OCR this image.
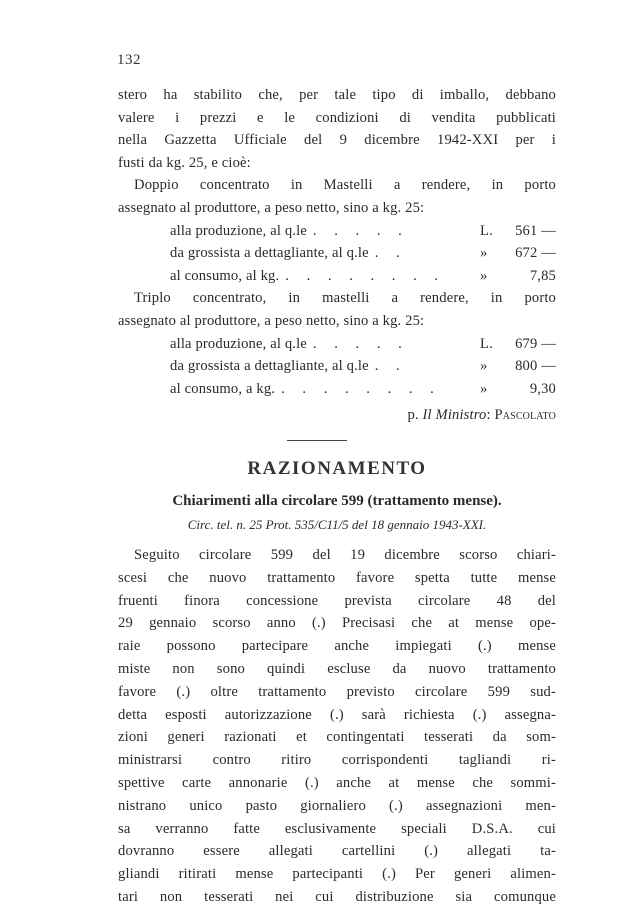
132
stero ha stabilito che, per tale tipo di imballo, debbano
valere i prezzi e le condizioni di vendita pubblicati
nella Gazzetta Ufficiale del 9 dicembre 1942-XXI per i
fusti da kg. 25, e cioè:
Doppio concentrato in Mastelli a rendere, in porto
assegnato al produttore, a peso netto, sino a kg. 25:
alla produzione, al q.le . . . . .	L.	561 —
da grossista a dettagliante, al q.le . .	»	672 —
al consumo, al kg. . . . . . . . .	»	7,85
Triplo concentrato, in mastelli a rendere, in porto
assegnato al produttore, a peso netto, sino a kg. 25:
alla produzione, al q.le . . . . .	L.	679 —
da grossista a dettagliante, al q.le . .	»	800 —
al consumo, a kg. . . . . . . . .	»	9,30
p. Il Ministro: Pascolato
RAZIONAMENTO
Chiarimenti alla circolare 599 (trattamento mense).
Circ. tel. n. 25 Prot. 535/C11/5 del 18 gennaio 1943-XXI.
Seguito circolare 599 del 19 dicembre scorso chiari-
scesi che nuovo trattamento favore spetta tutte mense
fruenti finora concessione prevista circolare 48 del
29 gennaio scorso anno (.) Precisasi che at mense ope-
raie possono partecipare anche impiegati (.) mense
miste non sono quindi escluse da nuovo trattamento
favore (.) oltre trattamento previsto circolare 599 sud-
detta esposti autorizzazione (.) sarà richiesta (.) assegna-
zioni generi razionati et contingentati tesserati da som-
ministrarsi contro ritiro corrispondenti tagliandi ri-
spettive carte annonarie (.) anche at mense che sommi-
nistrano unico pasto giornaliero (.) assegnazioni men-
sa verranno fatte esclusivamente speciali D.S.A. cui
dovranno essere allegati cartellini (.) allegati ta-
gliandi ritirati mense partecipanti (.) Per generi alimen-
tari non tesserati nei cui distribuzione sia comunque
